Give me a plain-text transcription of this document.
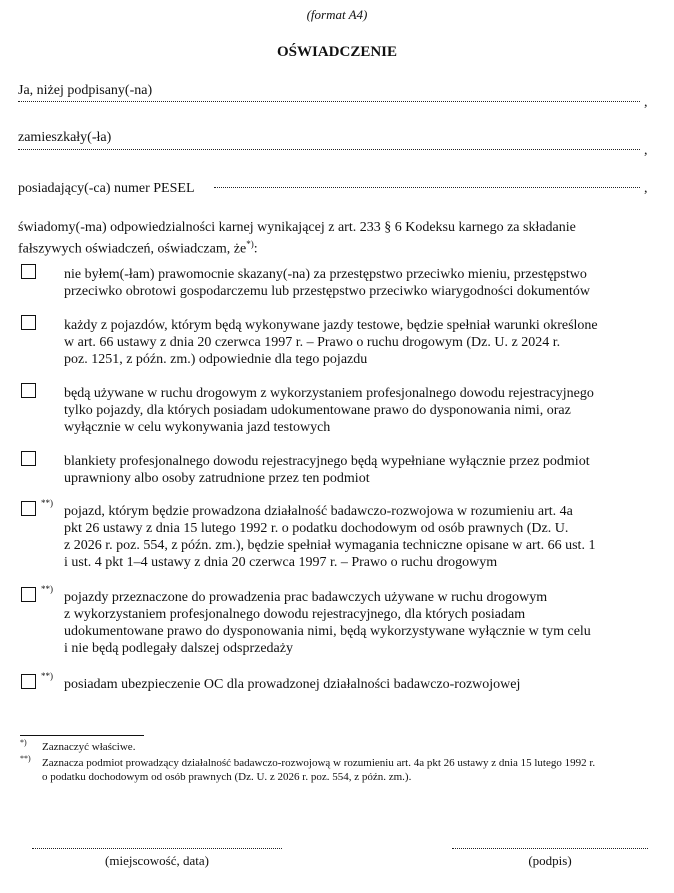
(format A4)
OŚWIADCZENIE
Ja, niżej podpisany(-na)
,
zamieszkały(-ła)
,
posiadający(-ca) numer PESEL	,
świadomy(-ma) odpowiedzialności karnej wynikającej z art. 233 § 6 Kodeksu karnego za składanie
fałszywych oświadczeń, oświadczam, że*):
nie byłem(-łam) prawomocnie skazany(-na) za przestępstwo przeciwko mieniu, przestępstwo
przeciwko obrotowi gospodarczemu lub przestępstwo przeciwko wiarygodności dokumentów
każdy z pojazdów, którym będą wykonywane jazdy testowe, będzie spełniał warunki określone
w art. 66 ustawy z dnia 20 czerwca 1997 r. – Prawo o ruchu drogowym (Dz. U. z 2024 r.
poz. 1251, z późn. zm.) odpowiednie dla tego pojazdu
będą używane w ruchu drogowym z wykorzystaniem profesjonalnego dowodu rejestracyjnego
tylko pojazdy, dla których posiadam udokumentowane prawo do dysponowania nimi, oraz
wyłącznie w celu wykonywania jazd testowych
blankiety profesjonalnego dowodu rejestracyjnego będą wypełniane wyłącznie przez podmiot
uprawniony albo osoby zatrudnione przez ten podmiot
**)
pojazd, którym będzie prowadzona działalność badawczo-rozwojowa w rozumieniu art. 4a
pkt 26 ustawy z dnia 15 lutego 1992 r. o podatku dochodowym od osób prawnych (Dz. U.
z 2026 r. poz. 554, z późn. zm.), będzie spełniał wymagania techniczne opisane w art. 66 ust. 1
i ust. 4 pkt 1–4 ustawy z dnia 20 czerwca 1997 r. – Prawo o ruchu drogowym
**)
pojazdy przeznaczone do prowadzenia prac badawczych używane w ruchu drogowym
z wykorzystaniem profesjonalnego dowodu rejestracyjnego, dla których posiadam
udokumentowane prawo do dysponowania nimi, będą wykorzystywane wyłącznie w tym celu
i nie będą podlegały dalszej odsprzedaży
**)
posiadam ubezpieczenie OC dla prowadzonej działalności badawczo-rozwojowej
*) Zaznaczyć właściwe.
**) Zaznacza podmiot prowadzący działalność badawczo-rozwojową w rozumieniu art. 4a pkt 26 ustawy z dnia 15 lutego 1992 r.
o podatku dochodowym od osób prawnych (Dz. U. z 2026 r. poz. 554, z późn. zm.).
(miejscowość, data)	(podpis)
